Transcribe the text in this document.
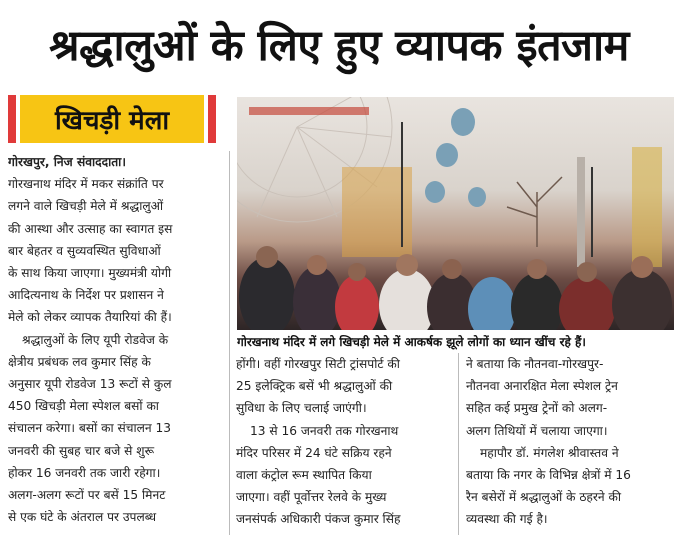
श्रद्धालुओं के लिए हुए व्यापक इंतजाम
खिचड़ी मेला
गोरखनाथ मंदिर में लगे खिचड़ी मेले में आकर्षक झूले लोगों का ध्यान खींच रहे हैं।

गोरखपुर, निज संवाददाता।

गोरखनाथ मंदिर में मकर संक्रांति पर

लगने वाले खिचड़ी मेले में श्रद्धालुओं

की आस्था और उत्साह का स्वागत इस

बार बेहतर व सुव्यवस्थित सुविधाओं

के साथ किया जाएगा। मुख्यमंत्री योगी

आदित्यनाथ के निर्देश पर प्रशासन ने

मेले को लेकर व्यापक तैयारियां की हैं।

श्रद्धालुओं के लिए यूपी रोडवेज के

क्षेत्रीय प्रबंधक लव कुमार सिंह के

अनुसार यूपी रोडवेज 13 रूटों से कुल

450 खिचड़ी मेला स्पेशल बसों का

संचालन करेगा। बसों का संचालन 13

जनवरी की सुबह चार बजे से शुरू

होकर 16 जनवरी तक जारी रहेगा।

अलग-अलग रूटों पर बसें 15 मिनट

से एक घंटे के अंतराल पर उपलब्ध

होंगी। वहीं गोरखपुर सिटी ट्रांसपोर्ट की

25 इलेक्ट्रिक बसें भी श्रद्धालुओं की

सुविधा के लिए चलाई जाएंगी।

13 से 16 जनवरी तक गोरखनाथ

मंदिर परिसर में 24 घंटे सक्रिय रहने

वाला कंट्रोल रूम स्थापित किया

जाएगा। वहीं पूर्वोत्तर रेलवे के मुख्य

जनसंपर्क अधिकारी पंकज कुमार सिंह

ने बताया कि नौतनवा-गोरखपुर-

नौतनवा अनारक्षित मेला स्पेशल ट्रेन

सहित कई प्रमुख ट्रेनों को अलग-

अलग तिथियों में चलाया जाएगा।

महापौर डॉ. मंगलेश श्रीवास्तव ने

बताया कि नगर के विभिन्न क्षेत्रों में 16

रैन बसेरों में श्रद्धालुओं के ठहरने की

व्यवस्था की गई है।
